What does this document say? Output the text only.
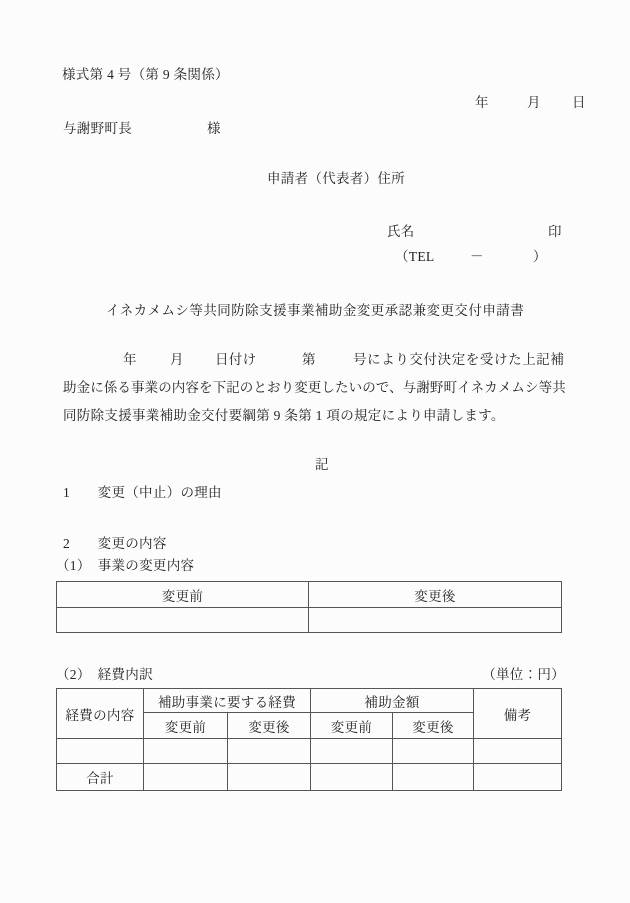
様式第 4 号（第 9 条関係）

年

	月

日

与謝野町長

	様

申請者（代表者）住所

氏名

	印

（TEL

	－

	）

イネカメムシ等共同防除支援事業補助金変更承認兼変更交付申請書

年

月

日付け

	第

	号により交付決定を受けた上記補

助金に係る事業の内容を下記のとおり変更したいので、与謝野町イネカメムシ等共
同防除支援事業補助金交付要綱第 9 条第 1 項の規定により申請します。
記
1　　変更（中止）の理由
2　　変更の内容
（1）　事業の変更内容
変更前	変更後

（2）　経費内訳	（単位：円）
経費の内容	補助事業に要する経費		補助金額		備考
	変更前	変更後	変更前	変更後	

合計					
